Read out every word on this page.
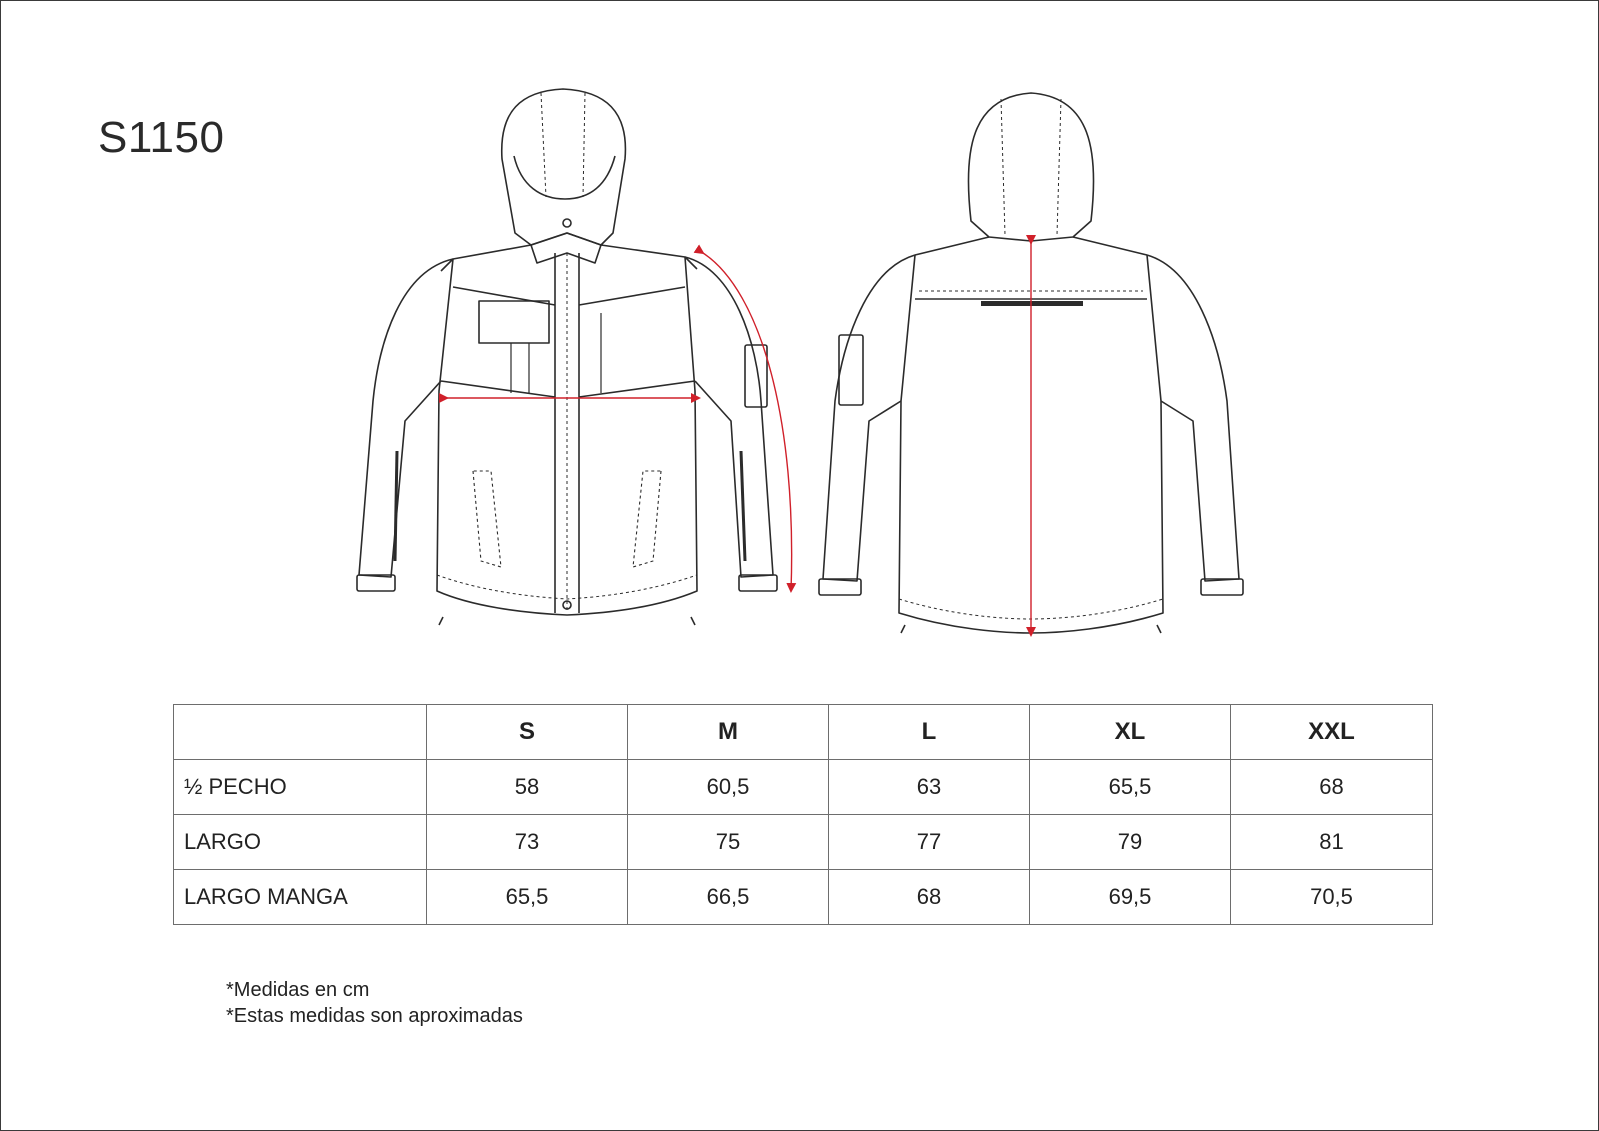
S1150
	S	M	L	XL	XXL
½ PECHO	58	60,5	63	65,5	68
LARGO	73	75	77	79	81
LARGO MANGA	65,5	66,5	68	69,5	70,5
*Medidas en cm
*Estas medidas son aproximadas
